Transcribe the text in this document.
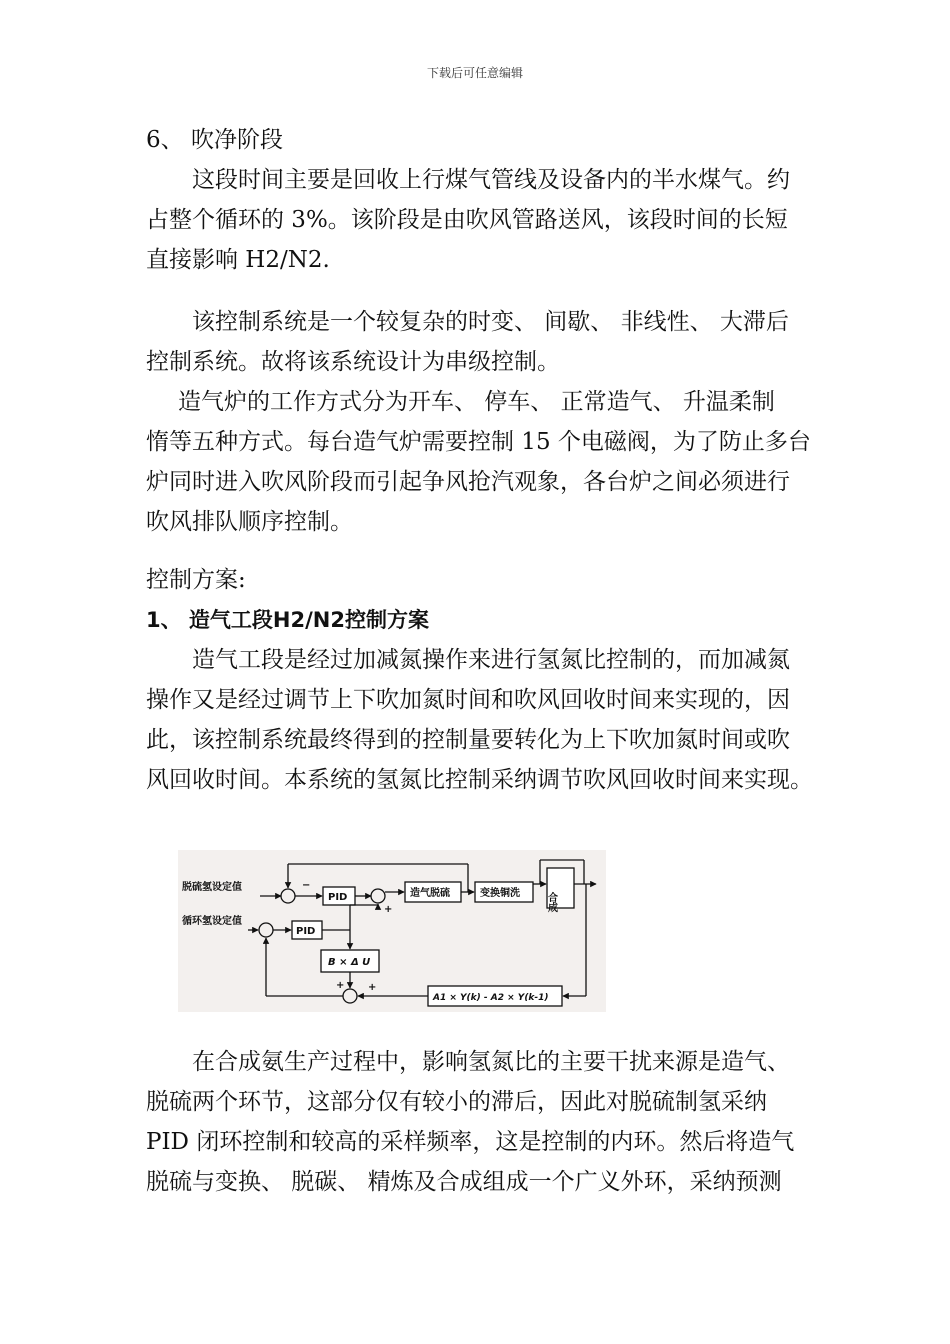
下载后可任意编辑
6、 吹净阶段
这段时间主要是回收上行煤气管线及设备内的半水煤气。约
占整个循环的 3%。该阶段是由吹风管路送风，该段时间的长短
直接影响 H2/N2.
该控制系统是一个较复杂的时变、 间歇、 非线性、 大滞后
控制系统。故将该系统设计为串级控制。
造气炉的工作方式分为开车、 停车、 正常造气、 升温柔制
惰等五种方式。每台造气炉需要控制 15 个电磁阀，为了防止多台
炉同时进入吹风阶段而引起争风抢汽观象，各台炉之间必须进行
吹风排队顺序控制。
控制方案:
1、 造气工段H2/N2控制方案
造气工段是经过加减氮操作来进行氢氮比控制的，而加减氮
操作又是经过调节上下吹加氮时间和吹风回收时间来实现的，因
此，该控制系统最终得到的控制量要转化为上下吹加氮时间或吹
风回收时间。本系统的氢氮比控制采纳调节吹风回收时间来实现。
脱硫氢设定值
循环氢设定值
PID
PID
造气脱硫	变换铜洗	合成
B × Δ U
A1 × Y(k) - A2 × Y(k-1)
−
+
+ +
在合成氨生产过程中，影响氢氮比的主要干扰来源是造气、
脱硫两个环节，这部分仅有较小的滞后，因此对脱硫制氢采纳
PID 闭环控制和较高的采样频率，这是控制的内环。然后将造气
脱硫与变换、 脱碳、 精炼及合成组成一个广义外环，采纳预测
